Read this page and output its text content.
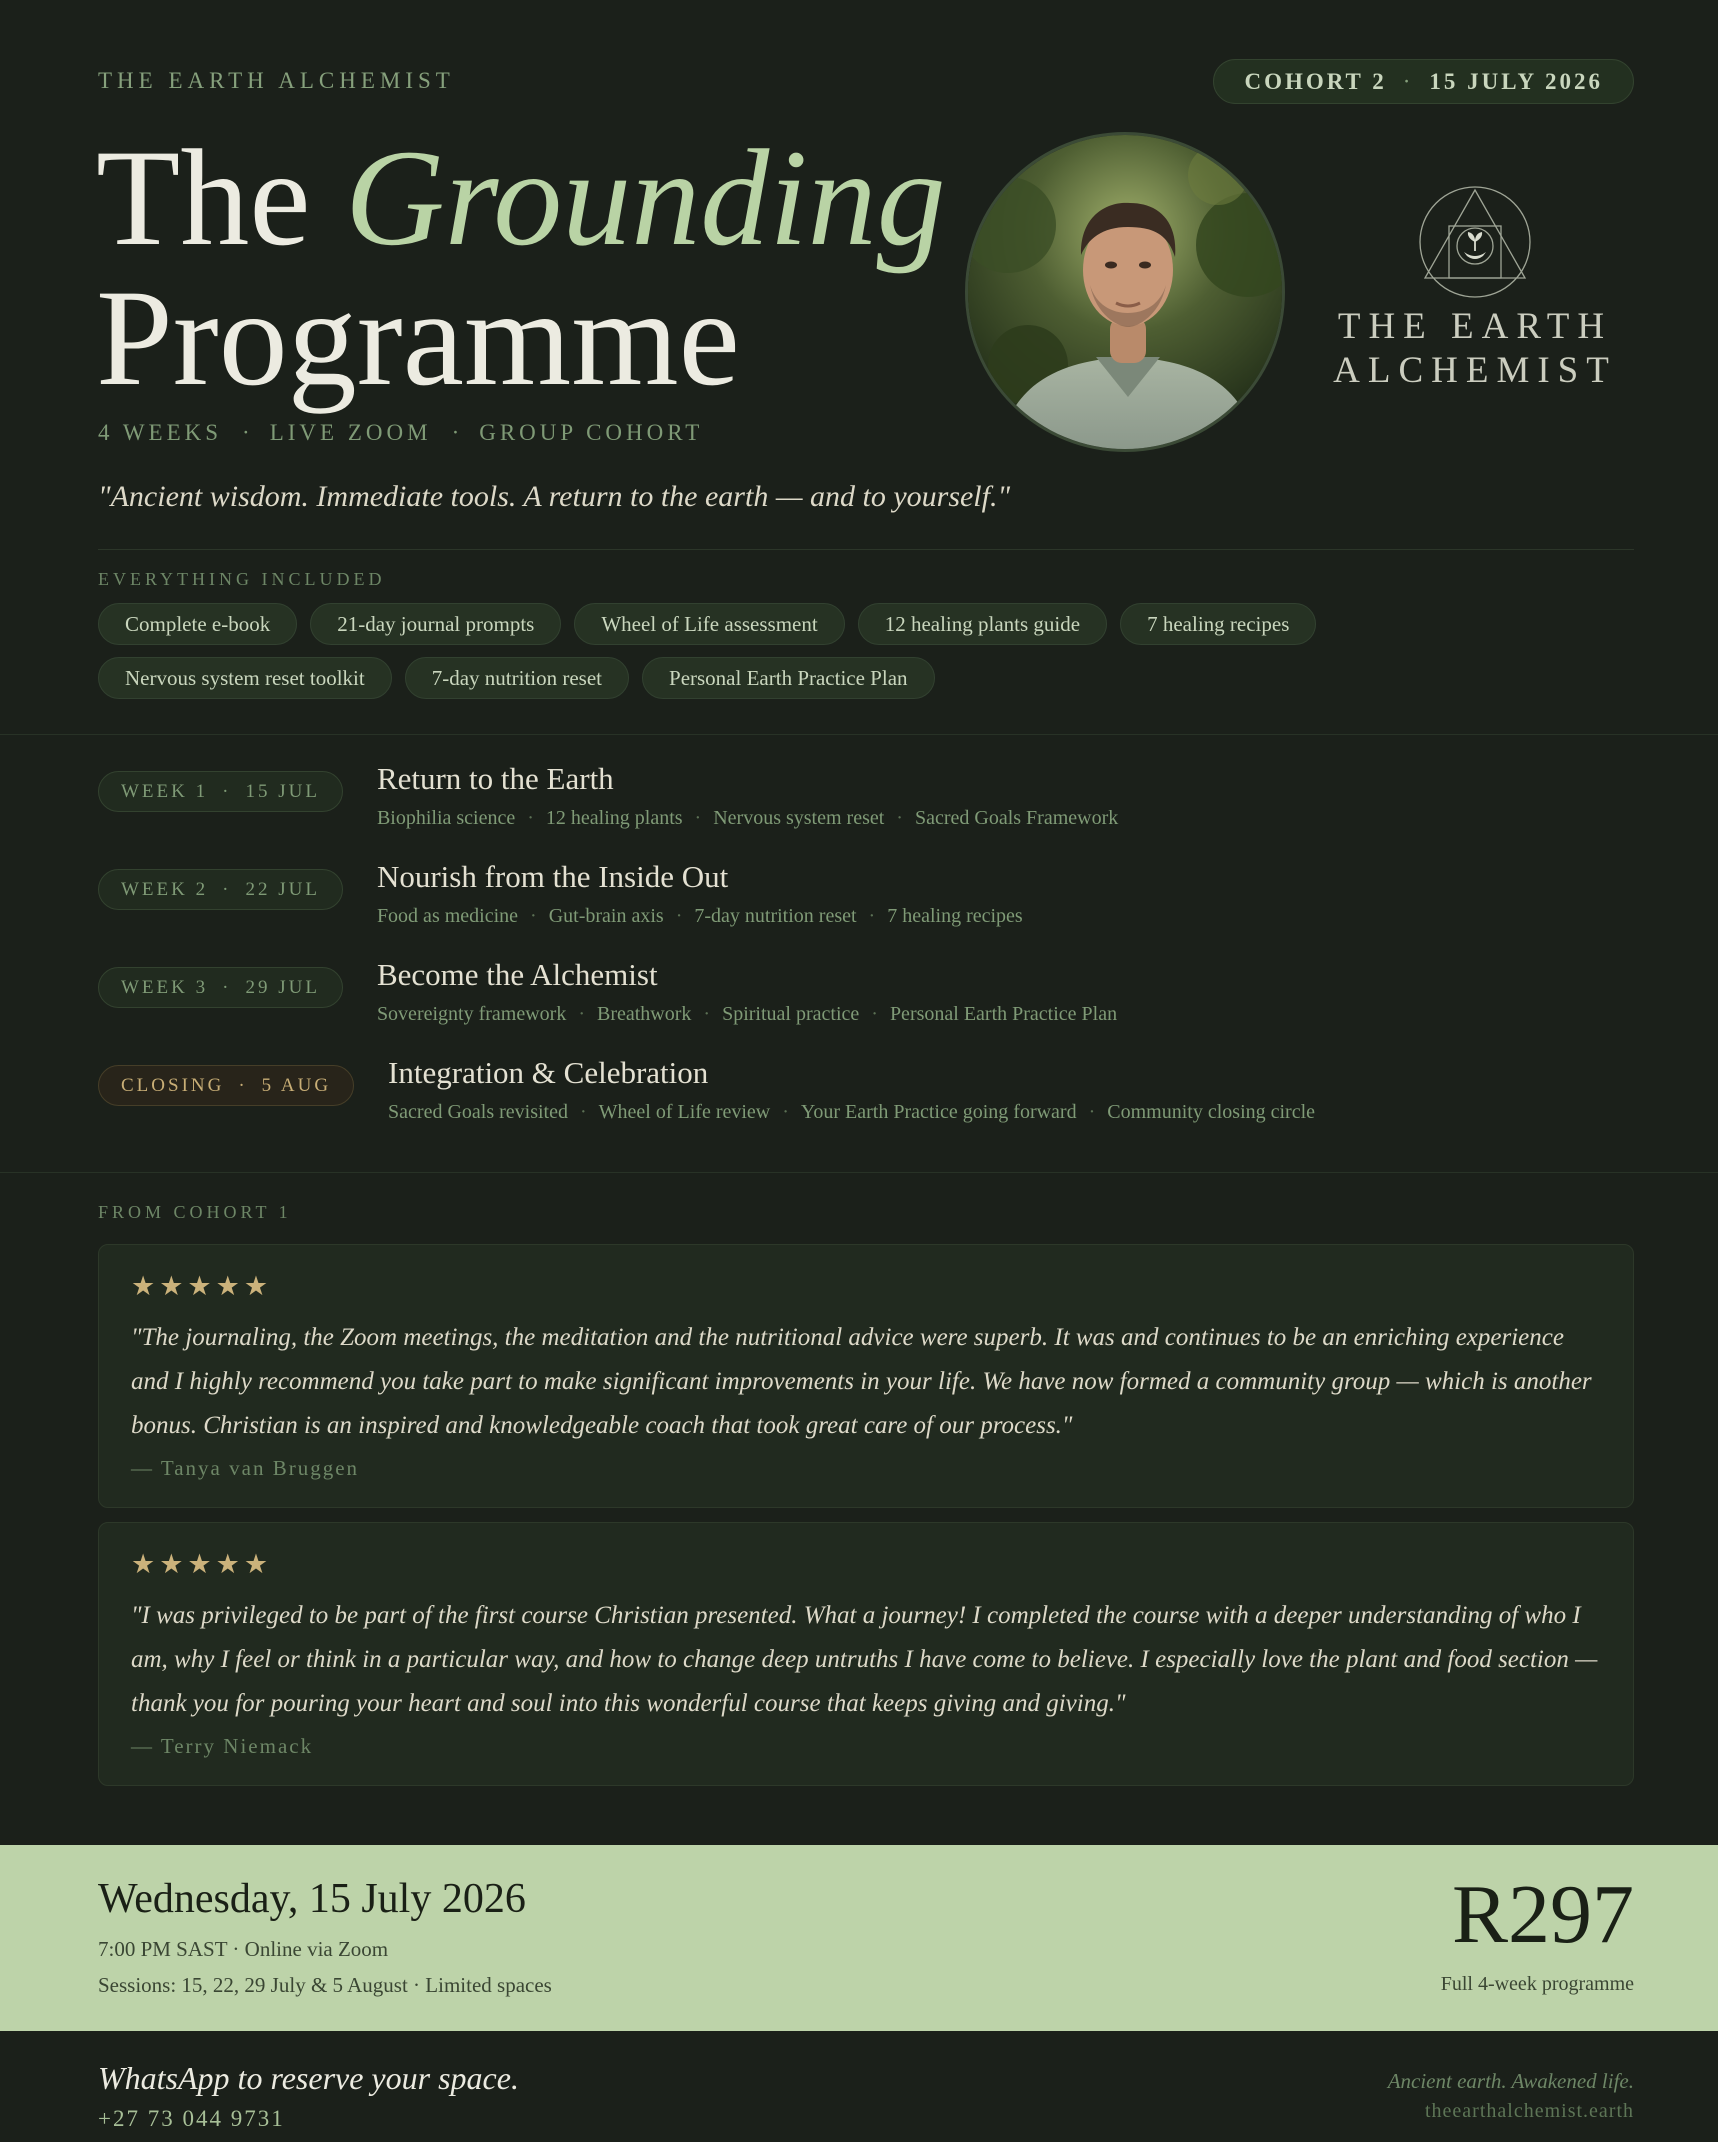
THE EARTH ALCHEMIST	COHORT 2 · 15 JULY 2026
The Grounding
Programme
4 WEEKS · LIVE ZOOM · GROUP COHORT
"Ancient wisdom. Immediate tools. A return to the earth — and to yourself."
THE EARTH
ALCHEMIST
EVERYTHING INCLUDED
Complete e-book	21-day journal prompts	Wheel of Life assessment	12 healing plants guide	7 healing recipes
Nervous system reset toolkit	7-day nutrition reset	Personal Earth Practice Plan
WEEK 1 · 15 JUL Return to the Earth
Biophilia science · 12 healing plants · Nervous system reset · Sacred Goals Framework
WEEK 2 · 22 JUL Nourish from the Inside Out
Food as medicine · Gut-brain axis · 7-day nutrition reset · 7 healing recipes
WEEK 3 · 29 JUL Become the Alchemist
Sovereignty framework · Breathwork · Spiritual practice · Personal Earth Practice Plan
CLOSING · 5 AUG Integration & Celebration
Sacred Goals revisited · Wheel of Life review · Your Earth Practice going forward · Community closing circle
FROM COHORT 1
★★★★★
"The journaling, the Zoom meetings, the meditation and the nutritional advice were superb. It was and continues to be an enriching experience and I highly recommend you take part to make significant improvements in your life. We have now formed a community group — which is another bonus. Christian is an inspired and knowledgeable coach that took great care of our process."
— Tanya van Bruggen
★★★★★
"I was privileged to be part of the first course Christian presented. What a journey! I completed the course with a deeper understanding of who I am, why I feel or think in a particular way, and how to change deep untruths I have come to believe. I especially love the plant and food section — thank you for pouring your heart and soul into this wonderful course that keeps giving and giving."
— Terry Niemack
Wednesday, 15 July 2026
7:00 PM SAST · Online via Zoom
Sessions: 15, 22, 29 July & 5 August · Limited spaces
R297
Full 4-week programme
WhatsApp to reserve your space.
+27 73 044 9731
Ancient earth. Awakened life.
theearthalchemist.earth
